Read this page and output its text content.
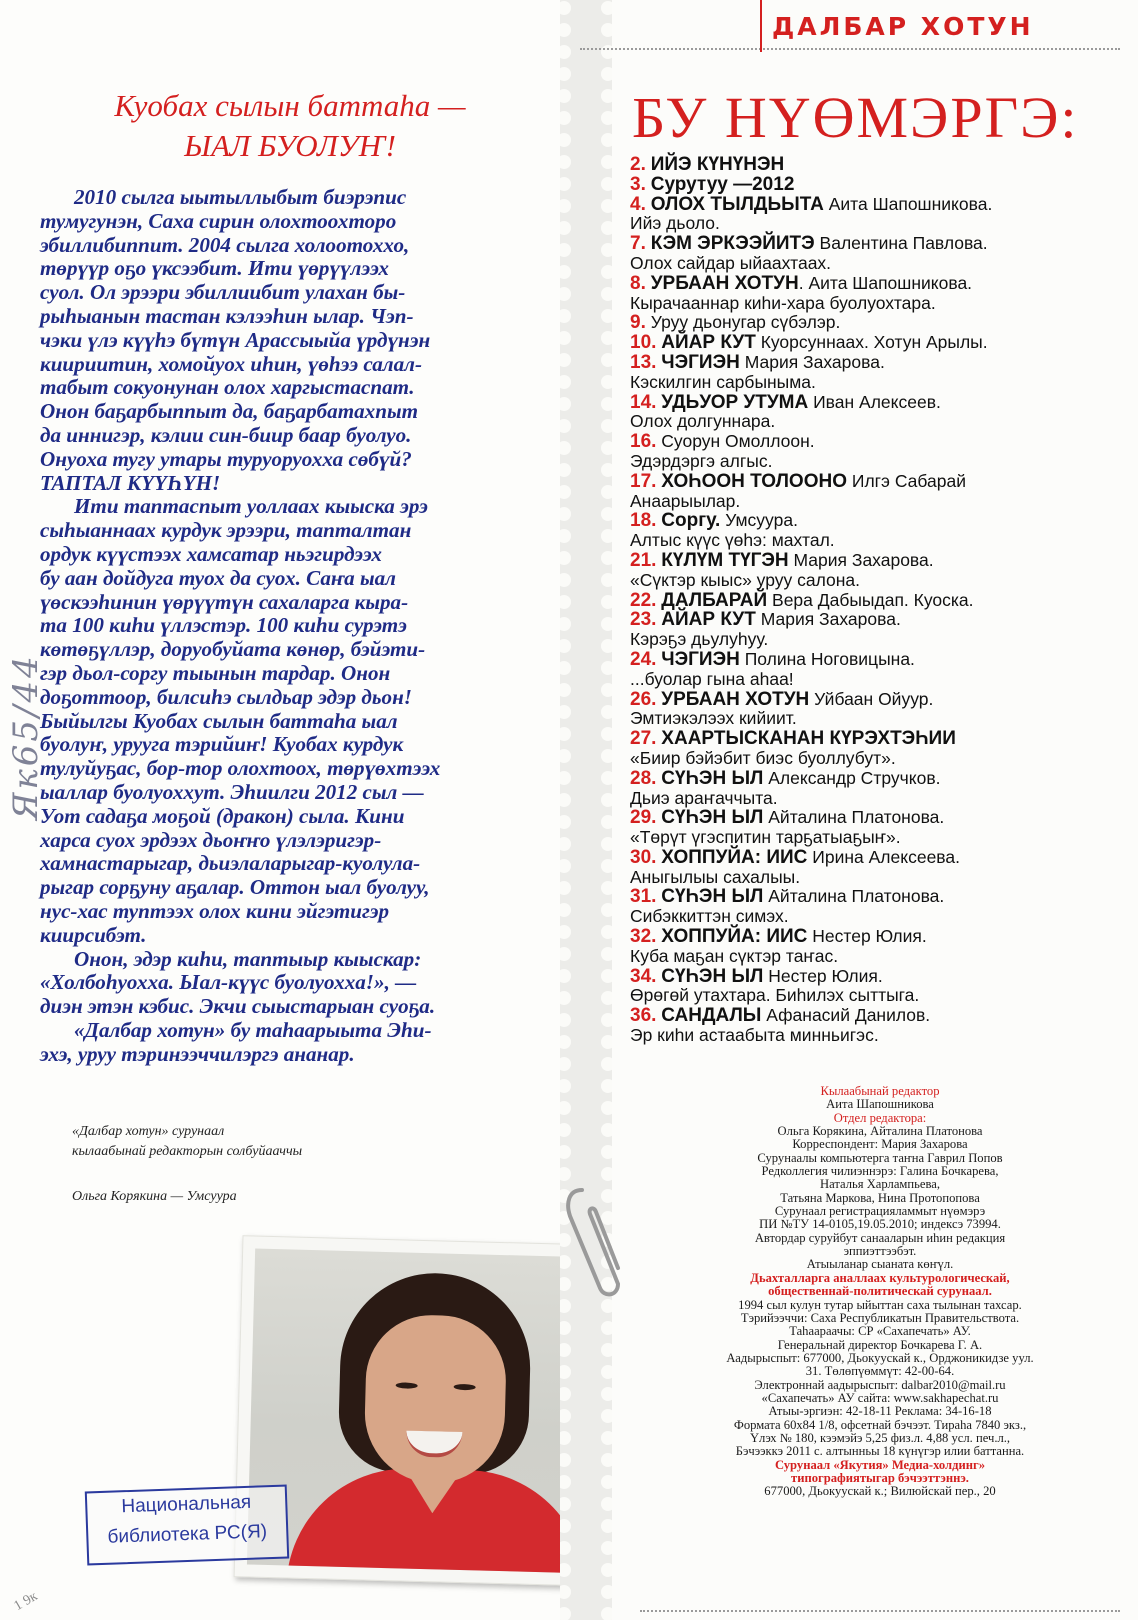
Куобах сылын баттаһа —
ЫАЛ БУОЛУҤ!

2010 сылга ыытыллыбыт биэрэпис

тумугунэн, Саха сирин олохтоохторо

эбиллибиппит. 2004 сылга холоотоххо,

төрүүр оҕо үксээбит. Ити үөрүүлээх

суол. Ол эрээри эбиллиибит улахан бы-

рыһыанын тастан кэлээһин ылар. Чэп-

чэки үлэ күүһэ бүтүн Арассыыйа үрдүнэн

киириитин, хомойуох иһин, үөһээ салал-

табыт сокуонунан олох харгыстаспат.

Онон баҕарбыппыт да, баҕарбатахпыт

да иннигэр, кэлии син-биир баар буолуо.

Онуоха тугу утары туруоруохха сөбүй?

ТАПТАЛ КҮҮҺҮН!

Ити таптаспыт уоллаах кыыска эрэ

сыһыаннаах курдук эрээри, тапталтан

ордук күүстээх хамсатар ньэгирдээх

бу аан дойдуга туох да суох. Саҥа ыал

үөскээһинин үөрүүтүн сахаларга кыра-

та 100 киһи үллэстэр. 100 киһи сурэтэ

көтөҕүллэр, доруобуйата көнөр, бэйэти-

гэр дьол-соргу тыынын тардар. Онон

доҕоттоор, билсиһэ сылдьар эдэр дьон!

Быйылгы Куобах сылын баттаһа ыал

буолуҥ, урууга тэрийиҥ! Куобах курдук

тулуйуҕас, бор-тор олохтоох, төрүөхтээх

ыаллар буолуоххут. Эһиилги 2012 сыл —

Уот садаҕа моҕой (дракон) сыла. Кини

харса суох эрдээх дьоҥҥо үлэлэригэр-

хамнастарыгар, дьиэлаларыгар-куолула-

рыгар сорҕуну аҕалар. Оттон ыал буолуу,

нус-хас туптээх олох кини эйгэтигэр

киирсибэт.

Онон, эдэр киһи, таптыыр кыыскар:

«Холбоһуоххa. Ыал-күүс буолуоххa!», —

диэн этэн кэбис. Экчи сыыстарыан суоҕа.

«Далбар хотун» бу таһаарыыта Эһи-

эхэ, уруу тэринээччилэргэ ананар.

«Далбар хотун» сурунаал
кылаабынай редакторын солбуйааччы
Ольга Корякина — Умсуура
Як65/44
1 9к
Национальная
библиотека РС(Я)
ДАЛБАР ХОТУН
БУ НҮӨМЭРГЭ:
2. ИЙЭ КҮНҮНЭН
3. Сурутуу —2012
4. ОЛОХ ТЫЛДЬЫТА Аита Шапошникова.
Ийэ дьоло.
7. КЭМ ЭРКЭЭЙИТЭ Валентина Павлова.
Олох сайдар ыйаахтаах.
8. УРБААН ХОТУН. Аита Шапошникова.
Кырачааннар киһи-хара буолуохтара.
9. Уруу дьонугар сүбэлэр.
10. АЙАР КУТ Куорсуннаах. Хотун Арылы.
13. ЧЭГИЭН Мария Захарова.
Кэскилгин сарбыныма.
14. УДЬУОР УТУМА Иван Алексеев.
Олох долгуннара.
16. Суорун Омоллоон.
Эдэрдэргэ алгыс.
17. ХОҺООН ТОЛООНО Илгэ Сабарай
Анаарыылар.
18. Соргу. Умсуура.
Алтыс күүс үөһэ: махтал.
21. КҮЛҮМ ТҮГЭН Мария Захарова.
«Сүктэр кыыс» уруу салона.
22. ДАЛБАРАЙ Вера Дабыыдап. Куоска.
23. АЙАР КУТ Мария Захарова.
Кэрэҕэ дьулуһуу.
24. ЧЭГИЭН Полина Ноговицына.
...буолар гына аһаа!
26. УРБААН ХОТУН Уйбаан Ойуур.
Эмтиэкэлээх кийиит.
27. ХААРТЫСКАНАН КҮРЭХТЭҺИИ
«Биир бэйэбит биэс буоллубут».
28. СҮҺЭН ЫЛ Александр Стручков.
Дьиэ араҥаччыта.
29. СҮҺЭН ЫЛ Айталина Платонова.
«Төрүт үгэспитин тарҕатыаҕыҥ».
30. ХОППУЙА: ИИС Ирина Алексеева.
Аныгылыы сахалыы.
31. СҮҺЭН ЫЛ Айталина Платонова.
Сибэккиттэн симэх.
32. ХОППУЙА: ИИС Нестер Юлия.
Куба маҕан сүктэр таҥас.
34. СҮҺЭН ЫЛ Нестер Юлия.
Өрөгөй утахтара. Биһилэх сыттыга.
36. САНДАЛЫ Афанасий Данилов.
Эр киһи астаабыта минньигэс.
Кылаабынай редактор
Аита Шапошникова
Отдел редактора:
Ольга Корякина, Айталина Платонова
Корреспондент: Мария Захарова
Сурунаалы компьютерга таҥна Гаврил Попов
Редколлегия чилиэннэрэ: Галина Бочкарева,
Наталья Харлампьева,
Татьяна Маркова, Нина Протопопова
Сурунаал регистрацияламмыт нүөмэрэ
ПИ №ТУ 14-0105,19.05.2010; индексэ 73994.
Автордар суруйбут санааларын иһин редакция
эппиэттээбэт.
Атыыланар сыаната көҥүл.
Дьахталларга аналлаах культурологическай,
общественнай-политическай сурунаал.
1994 сыл кулун тутар ыйыттан саха тылынан тахсар.
Тэрийээччи: Саха Республикатын Правительствота.
Таһаараачы: СР «Сахапечать» АУ.
Генеральнай директор Бочкарева Г. А.
Аадырыспыт: 677000, Дьокуускай к., Орджоникидзе уул.
31. Төлөпүөммүт: 42-00-64.
Электроннай аадырыспыт: dalbar2010@mail.ru
«Сахапечать» АУ сайта: www.sakhapechat.ru
Атыы-эргиэн: 42-18-11 Реклама: 34-16-18
Формата 60х84 1/8, офсетнай бэчээт. Тираһа 7840 экз.,
Үлэх № 180, кээмэйэ 5,25 физ.л. 4,88 усл. печ.л.,
Бэчээккэ 2011 с. алтынньы 18 күнүгэр илии баттанна.
Сурунаал «Якутия» Медиа-холдинг»
типографиятыгар бэчээттэннэ.
677000, Дьокуускай к.; Вилюйскай пер., 20
